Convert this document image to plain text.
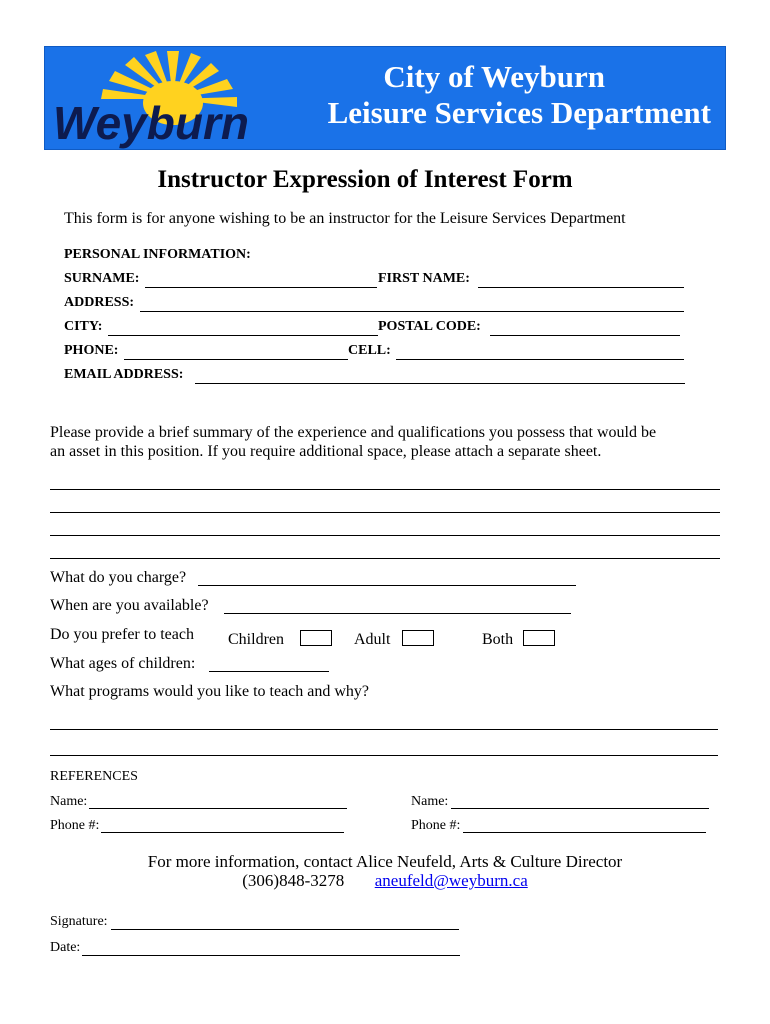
Weyburn
City of Weyburn
Leisure Services Department
Instructor Expression of Interest Form
This form is for anyone wishing to be an instructor for the Leisure Services Department
PERSONAL INFORMATION:
SURNAME:	FIRST NAME:
ADDRESS:
CITY:	POSTAL CODE:
PHONE:	CELL:
EMAIL ADDRESS:
Please provide a brief summary of the experience and qualifications you possess that would be
an asset in this position. If you require additional space, please attach a separate sheet.
What do you charge?
When are you available?
Do you prefer to teach Children	Adult	Both
What ages of children:
What programs would you like to teach and why?
REFERENCES
Name:	Name:
Phone #:	Phone #:
For more information, contact Alice Neufeld, Arts & Culture Director
(306)848-3278 aneufeld@weyburn.ca
Signature:
Date:
